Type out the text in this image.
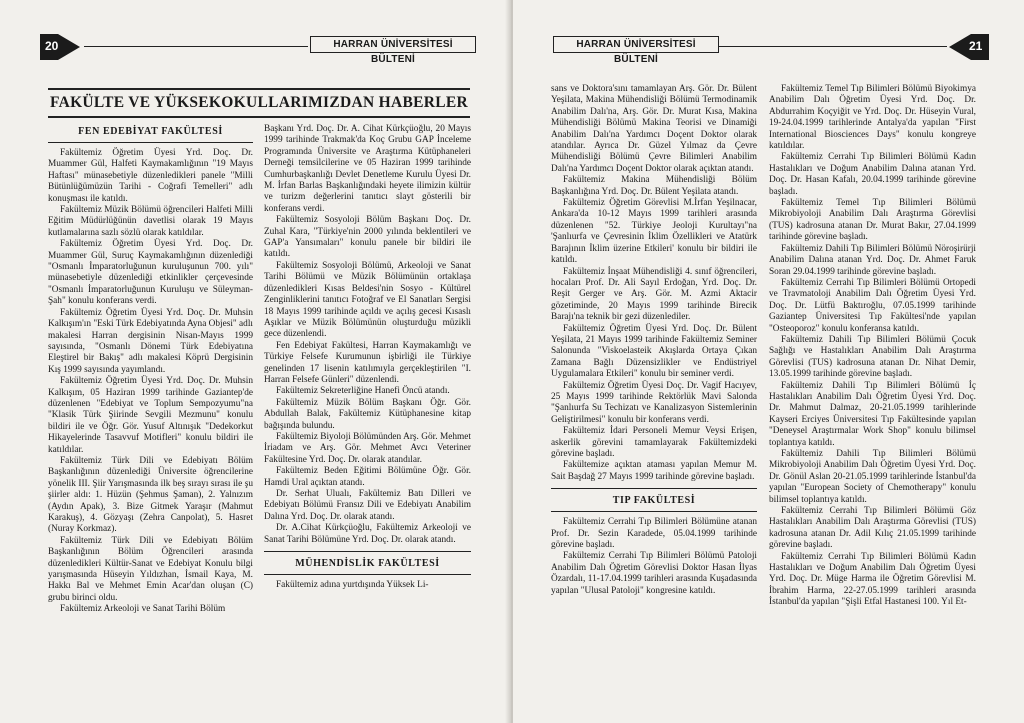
20	HARRAN ÜNİVERSİTESİ BÜLTENİ
FAKÜLTE VE YÜKSEKOKULLARIMIZDAN HABERLER
FEN EDEBİYAT FAKÜLTESİ

Fakültemiz Öğretim Üyesi Yrd. Doç. Dr. Muammer Gül, Halfeti Kaymakamlığının "19 Mayıs Haftası" münasebetiyle düzenledikleri panele "Milli Bütünlüğümüzün Tarihi - Coğrafi Temelleri" adlı konuşması ile katıldı.

Fakültemiz Müzik Bölümü öğrencileri Halfeti Milli Eğitim Müdürlüğünün davetlisi olarak 19 Mayıs kutlamalarına sazlı sözlü olarak katıldılar.

Fakültemiz Öğretim Üyesi Yrd. Doç. Dr. Muammer Gül, Suruç Kaymakamlığının düzenlediği "Osmanlı İmparatorluğunun kuruluşunun 700. yılı" münasebetiyle düzenlediği etkinlikler çerçevesinde "Osmanlı İmparatorluğunun Kuruluşu ve Süleyman-Şah" konulu konferans verdi.

Fakültemiz Öğretim Üyesi Yrd. Doç. Dr. Muhsin Kalkışım'ın "Eski Türk Edebiyatında Ayna Objesi" adlı makalesi Harran dergisinin Nisan-Mayıs 1999 sayısında, "Osmanlı Dönemi Türk Edebiyatına Eleştirel bir Bakış" adlı makalesi Köprü Dergisinin Kış 1999 sayısında yayımlandı.

Fakültemiz Öğretim Üyesi Yrd. Doç. Dr. Muhsin Kalkışım, 05 Haziran 1999 tarihinde Gaziantep'de düzenlenen "Edebiyat ve Toplum Sempozyumu"na "Klasik Türk Şiirinde Sevgili Mezmunu" konulu bildiri ile ve Öğr. Gör. Yusuf Altınışık "Dedekorkut Hikayelerinde Tasavvuf Motifleri" konulu bildiri ile katıldılar.

Fakültemiz Türk Dili ve Edebiyatı Bölüm Başkanlığının düzenlediği Üniversite öğrencilerine yönelik III. Şiir Yarışmasında ilk beş sırayı sırası ile şu şiirler aldı: 1. Hüzün (Şehmus Şaman), 2. Yalnızım (Aydın Apak), 3. Bize Gitmek Yaraşır (Mahmut Karakuş), 4. Gözyaşı (Zehra Canpolat), 5. Hasret (Nuray Korkmaz).

Fakültemiz Türk Dili ve Edebiyatı Bölüm Başkanlığının Bölüm Öğrencileri arasında düzenledikleri Kültür-Sanat ve Edebiyat Konulu bilgi yarışmasında Hüseyin Yıldızhan, İsmail Kaya, M. Hakkı Bal ve Mehmet Emin Acar'dan oluşan (C) grubu birinci oldu.

Fakültemiz Arkeoloji ve Sanat Tarihi Bölüm

Başkanı Yrd. Doç. Dr. A. Cihat Kürkçüoğlu, 20 Mayıs 1999 tarihinde Trakmak'da Koç Grubu GAP İnceleme Programında Üniversite ve Araştırma Kütüphaneleri Derneği temsilcilerine ve 05 Haziran 1999 tarihinde Cumhurbaşkanlığı Devlet Denetleme Kurulu Üyesi Dr. M. İrfan Barlas Başkanlığındaki heyete ilimizin kültür ve turizm değerlerini tanıtıcı slayt gösterili bir konferans verdi.

Fakültemiz Sosyoloji Bölüm Başkanı Doç. Dr. Zuhal Kara, "Türkiye'nin 2000 yılında beklentileri ve GAP'a Yansımaları" konulu panele bir bildiri ile katıldı.

Fakültemiz Sosyoloji Bölümü, Arkeoloji ve Sanat Tarihi Bölümü ve Müzik Bölümünün ortaklaşa düzenledikleri Kısas Beldesi'nin Sosyo - Kültürel Zenginliklerini tanıtıcı Fotoğraf ve El Sanatları Sergisi 18 Mayıs 1999 tarihinde açıldı ve açılış gecesi Kısaslı Aşıklar ve Müzik Bölümünün oluşturduğu müzikli gece düzenlendi.

Fen Edebiyat Fakültesi, Harran Kaymakamlığı ve Türkiye Felsefe Kurumunun işbirliği ile Türkiye genelinden 17 lisenin katılımıyla gerçekleştirilen "I. Harran Felsefe Günleri" düzenlendi.

Fakültemiz Sekreterliğine Hanefi Öncü atandı.

Fakültemiz Müzik Bölüm Başkanı Öğr. Gör. Abdullah Balak, Fakültemiz Kütüphanesine kitap bağışında bulundu.

Fakültemiz Biyoloji Bölümünden Arş. Gör. Mehmet İriadam ve Arş. Gör. Mehmet Avcı Veteriner Fakültesine Yrd. Doç. Dr. olarak atandılar.

Fakültemiz Beden Eğitimi Bölümüne Öğr. Gör. Hamdi Ural açıktan atandı.

Dr. Serhat Ulualı, Fakültemiz Batı Dilleri ve Edebiyatı Bölümü Fransız Dili ve Edebiyatı Anabilim Dalına Yrd. Doç. Dr. olarak atandı.

Dr. A.Cihat Kürkçüoğlu, Fakültemiz Arkeoloji ve Sanat Tarihi Bölümüne Yrd. Doç. Dr. olarak atandı.

MÜHENDİSLİK FAKÜLTESİ

Fakültemiz adına yurtdışında Yüksek Li-

HARRAN ÜNİVERSİTESİ BÜLTENİ
21

sans ve Doktora'sını tamamlayan Arş. Gör. Dr. Bülent Yeşilata, Makina Mühendisliği Bölümü Termodinamik Anabilim Dalı'na, Arş. Gör. Dr. Murat Kısa, Makina Mühendisliği Bölümü Makina Teorisi ve Dinamiği Anabilim Dalı'na Yardımcı Doçent Doktor olarak atandılar. Ayrıca Dr. Güzel Yılmaz da Çevre Mühendisliği Bölümü Çevre Bilimleri Anabilim Dalı'na Yardımcı Doçent Doktor olarak açıktan atandı.

Fakültemiz Makina Mühendisliği Bölüm Başkanlığına Yrd. Doç. Dr. Bülent Yeşilata atandı.

Fakültemiz Öğretim Görevlisi M.İrfan Yeşilnacar, Ankara'da 10-12 Mayıs 1999 tarihleri arasında düzenlenen "52. Türkiye Jeoloji Kurultayı"na 'Şanlıurfa ve Çevresinin İklim Özellikleri ve Atatürk Barajının İklim üzerine Etkileri' konulu bir bildiri ile katıldı.

Fakültemiz İnşaat Mühendisliği 4. sınıf öğrencileri, hocaları Prof. Dr. Ali Sayıl Erdoğan, Yrd. Doç. Dr. Reşit Gerger ve Arş. Gör. M. Azmi Aktacir gözetiminde, 20 Mayıs 1999 tarihinde Birecik Barajı'na teknik bir gezi düzenlediler.

Fakültemiz Öğretim Üyesi Yrd. Doç. Dr. Bülent Yeşilata, 21 Mayıs 1999 tarihinde Fakültemiz Seminer Salonunda "Viskoelasteik Akışlarda Ortaya Çıkan Zamana Bağlı Düzensizlikler ve Endüstriyel Uygulamalara Etkileri" konulu bir seminer verdi.

Fakültemiz Öğretim Üyesi Doç. Dr. Vagif Hacıyev, 25 Mayıs 1999 tarihinde Rektörlük Mavi Salonda "Şanlıurfa Su Techizatı ve Kanalizasyon Sistemlerinin Geliştirilmesi" konulu bir konferans verdi.

Fakültemiz İdari Personeli Memur Veysi Erişen, askerlik görevini tamamlayarak Fakültemizdeki görevine başladı.

Fakültemize açıktan ataması yapılan Memur M. Sait Başdağ 27 Mayıs 1999 tarihinde görevine başladı.

TIP FAKÜLTESİ

Fakültemiz Cerrahi Tıp Bilimleri Bölümüne atanan Prof. Dr. Sezin Karadede, 05.04.1999 tarihinde görevine başladı.

Fakültemiz Cerrahi Tıp Bilimleri Bölümü Patoloji Anabilim Dalı Öğretim Görevlisi Doktor Hasan İlyas Özardalı, 11-17.04.1999 tarihleri arasında Kuşadasında yapılan "Ulusal Patoloji" kongresine katıldı.

Fakültemiz Temel Tıp Bilimleri Bölümü Biyokimya Anabilim Dalı Öğretim Üyesi Yrd. Doç. Dr. Abdurrahim Koçyiğit ve Yrd. Doç. Dr. Hüseyin Vural, 19-24.04.1999 tarihlerinde Antalya'da yapılan "First International Biosciences Days" konulu kongreye katıldılar.

Fakültemiz Cerrahi Tıp Bilimleri Bölümü Kadın Hastalıkları ve Doğum Anabilim Dalına atanan Yrd. Doç. Dr. Hasan Kafalı, 20.04.1999 tarihinde görevine başladı.

Fakültemiz Temel Tıp Bilimleri Bölümü Mikrobiyoloji Anabilim Dalı Araştırma Görevlisi (TUS) kadrosuna atanan Dr. Murat Bakır, 27.04.1999 tarihinde görevine başladı.

Fakültemiz Dahili Tıp Bilimleri Bölümü Nöroşirürji Anabilim Dalına atanan Yrd. Doç. Dr. Ahmet Faruk Soran 29.04.1999 tarihinde görevine başladı.

Fakültemiz Cerrahi Tıp Bilimleri Bölümü Ortopedi ve Travmatoloji Anabilim Dalı Öğretim Üyesi Yrd. Doç. Dr. Lütfü Baktıroğlu, 07.05.1999 tarihinde Gaziantep Üniversitesi Tıp Fakültesi'nde yapılan "Osteoporoz" konulu konferansa katıldı.

Fakültemiz Dahili Tıp Bilimleri Bölümü Çocuk Sağlığı ve Hastalıkları Anabilim Dalı Araştırma Görevlisi (TUS) kadrosuna atanan Dr. Nihat Demir, 13.05.1999 tarihinde görevine başladı.

Fakültemiz Dahili Tıp Bilimleri Bölümü İç Hastalıkları Anabilim Dalı Öğretim Üyesi Yrd. Doç. Dr. Mahmut Dalmaz, 20-21.05.1999 tarihlerinde Kayseri Erciyes Üniversitesi Tıp Fakültesinde yapılan "Deneysel Araştırmalar Work Shop" konulu bilimsel toplantıya katıldı.

Fakültemiz Dahili Tıp Bilimleri Bölümü Mikrobiyoloji Anabilim Dalı Öğretim Üyesi Yrd. Doç. Dr. Gönül Aslan 20-21.05.1999 tarihlerinde İstanbul'da yapılan "European Society of Chemotherapy" konulu bilimsel toplantıya katıldı.

Fakültemiz Cerrahi Tıp Bilimleri Bölümü Göz Hastalıkları Anabilim Dalı Araştırma Görevlisi (TUS) kadrosuna atanan Dr. Adil Kılıç 21.05.1999 tarihinde görevine başladı.

Fakültemiz Cerrahi Tıp Bilimleri Bölümü Kadın Hastalıkları ve Doğum Anabilim Dalı Öğretim Üyesi Yrd. Doç. Dr. Müge Harma ile Öğretim Görevlisi M. İbrahim Harma, 22-27.05.1999 tarihleri arasında İstanbul'da yapılan "Şişli Etfal Hastanesi 100. Yıl Et-
